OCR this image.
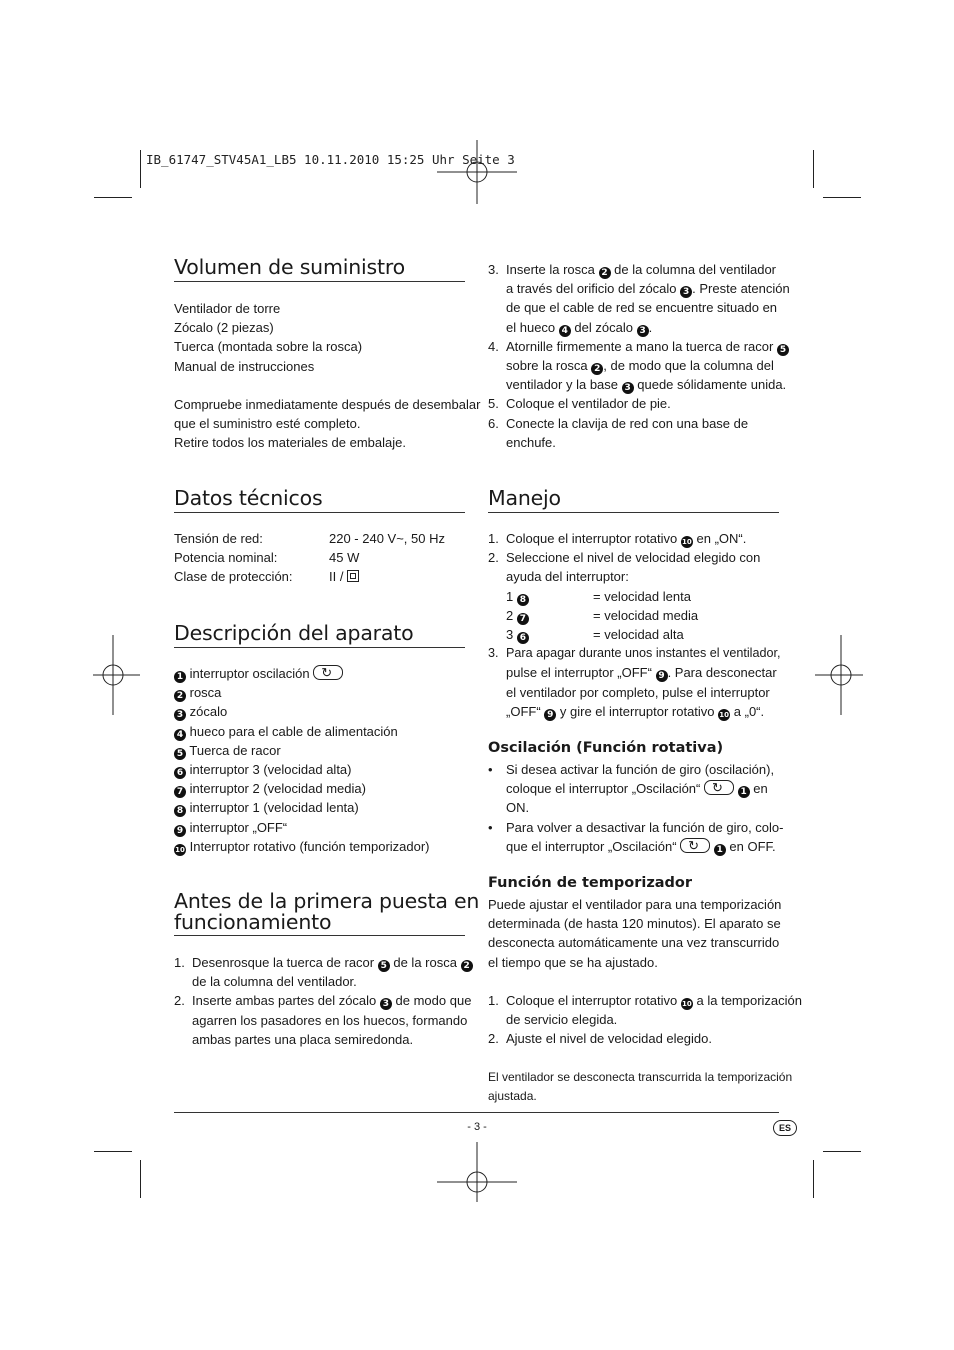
IB_61747_STV45A1_LB5 10.11.2010 15:25 Uhr Seite 3
Volumen de suministro
Ventilador de torre
Zócalo (2 piezas)
Tuerca (montada sobre la rosca)
Manual de instrucciones
Compruebe inmediatamente después de desembalar
que el suministro esté completo.
Retire todos los materiales de embalaje.
Datos técnicos
Tensión de red:	220 - 240 V~, 50 Hz
Potencia nominal:	45 W
Clase de protección:	II /
Descripción del aparato
1 interruptor oscilación ↻
2 rosca
3 zócalo
4 hueco para el cable de alimentación
5 Tuerca de racor
6 interruptor 3 (velocidad alta)
7 interruptor 2 (velocidad media)
8 interruptor 1 (velocidad lenta)
9 interruptor „OFF“
10 Interruptor rotativo (función temporizador)
Antes de la primera puesta en
funcionamiento
1. Desenrosque la tuerca de racor 5 de la rosca 2
de la columna del ventilador.
2. Inserte ambas partes del zócalo 3 de modo que
agarren los pasadores en los huecos, formando
ambas partes una placa semiredonda.
3. Inserte la rosca 2 de la columna del ventilador
a través del orificio del zócalo 3 . Preste atención
de que el cable de red se encuentre situado en
el hueco 4 del zócalo 3 .
4. Atornille firmemente a mano la tuerca de racor 5
sobre la rosca 2 , de modo que la columna del
ventilador y la base 3 quede sólidamente unida.
5. Coloque el ventilador de pie.
6. Conecte la clavija de red con una base de
enchufe.
Manejo
1. Coloque el interruptor rotativo 10 en „ON“.
2. Seleccione el nivel de velocidad elegido con
ayuda del interruptor:
1 8	= velocidad lenta
2 7	= velocidad media
3 6	= velocidad alta
3. Para apagar durante unos instantes el ventilador,
pulse el interruptor „OFF“ 9 . Para desconectar
el ventilador por completo, pulse el interruptor
„OFF“ 9 y gire el interruptor rotativo 10 a „0“.
Oscilación (Función rotativa)
• Si desea activar la función de giro (oscilación),
coloque el interruptor „Oscilación“ ↻	1 en
ON.
• Para volver a desactivar la función de giro, colo-
que el interruptor „Oscilación“ ↻	1 en OFF.
Función de temporizador
Puede ajustar el ventilador para una temporización
determinada (de hasta 120 minutos). El aparato se
desconecta automáticamente una vez transcurrido
el tiempo que se ha ajustado.
1. Coloque el interruptor rotativo 10 a la temporización
de servicio elegida.
2. Ajuste el nivel de velocidad elegido.
El ventilador se desconecta transcurrida la temporización
ajustada.
- 3 -	ES
